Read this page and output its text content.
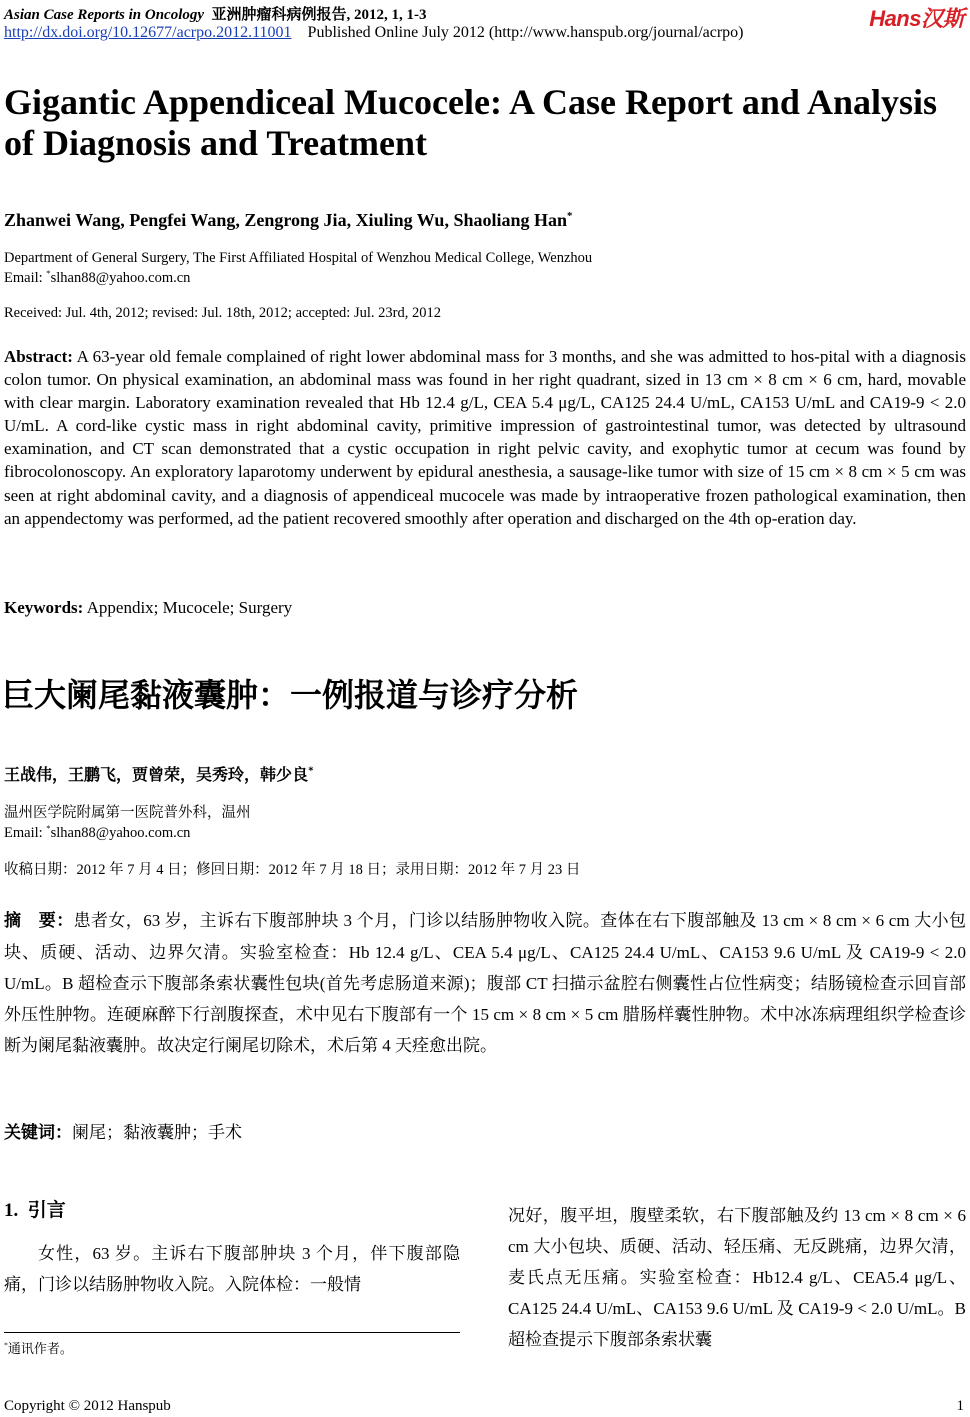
Asian Case Reports in Oncology 亚洲肿瘤科病例报告, 2012, 1, 1-3
http://dx.doi.org/10.12677/acrpo.2012.11001 Published Online July 2012 (http://www.hanspub.org/journal/acrpo)
Hans汉斯
Gigantic Appendiceal Mucocele: A Case Report and Analysis of Diagnosis and Treatment
Zhanwei Wang, Pengfei Wang, Zengrong Jia, Xiuling Wu, Shaoliang Han*
Department of General Surgery, The First Affiliated Hospital of Wenzhou Medical College, Wenzhou
Email: *slhan88@yahoo.com.cn
Received: Jul. 4th, 2012; revised: Jul. 18th, 2012; accepted: Jul. 23rd, 2012
Abstract: A 63-year old female complained of right lower abdominal mass for 3 months, and she was admitted to hos-pital with a diagnosis colon tumor. On physical examination, an abdominal mass was found in her right quadrant, sized in 13 cm × 8 cm × 6 cm, hard, movable with clear margin. Laboratory examination revealed that Hb 12.4 g/L, CEA 5.4 μg/L, CA125 24.4 U/mL, CA153 U/mL and CA19-9 < 2.0 U/mL. A cord-like cystic mass in right abdominal cavity, primitive impression of gastrointestinal tumor, was detected by ultrasound examination, and CT scan demonstrated that a cystic occupation in right pelvic cavity, and exophytic tumor at cecum was found by fibrocolonoscopy. An exploratory laparotomy underwent by epidural anesthesia, a sausage-like tumor with size of 15 cm × 8 cm × 5 cm was seen at right abdominal cavity, and a diagnosis of appendiceal mucocele was made by intraoperative frozen pathological examination, then an appendectomy was performed, ad the patient recovered smoothly after operation and discharged on the 4th op-eration day.
Keywords: Appendix; Mucocele; Surgery
巨大阑尾黏液囊肿：一例报道与诊疗分析
王战伟，王鹏飞，贾曾荣，吴秀玲，韩少良*
温州医学院附属第一医院普外科，温州
Email: *slhan88@yahoo.com.cn
收稿日期：2012 年 7 月 4 日；修回日期：2012 年 7 月 18 日；录用日期：2012 年 7 月 23 日
摘　要：患者女，63 岁，主诉右下腹部肿块 3 个月，门诊以结肠肿物收入院。查体在右下腹部触及 13 cm × 8 cm × 6 cm 大小包块、质硬、活动、边界欠清。实验室检查：Hb 12.4 g/L、CEA 5.4 μg/L、CA125 24.4 U/mL、CA153 9.6 U/mL 及 CA19-9 < 2.0 U/mL。B 超检查示下腹部条索状囊性包块(首先考虑肠道来源)；腹部 CT 扫描示盆腔右侧囊性占位性病变；结肠镜检查示回盲部外压性肿物。连硬麻醉下行剖腹探查，术中见右下腹部有一个 15 cm × 8 cm × 5 cm 腊肠样囊性肿物。术中冰冻病理组织学检查诊断为阑尾黏液囊肿。故决定行阑尾切除术，术后第 4 天痊愈出院。
关键词：阑尾；黏液囊肿；手术
1. 引言
女性，63 岁。主诉右下腹部肿块 3 个月，伴下腹部隐痛，门诊以结肠肿物收入院。入院体检：一般情
况好，腹平坦，腹壁柔软，右下腹部触及约 13 cm × 8 cm × 6 cm 大小包块、质硬、活动、轻压痛、无反跳痛，边界欠清，麦氏点无压痛。实验室检查：Hb12.4 g/L、CEA5.4 μg/L、CA125 24.4 U/mL、CA153 9.6 U/mL 及 CA19-9 < 2.0 U/mL。B 超检查提示下腹部条索状囊
*通讯作者。
Copyright © 2012 Hanspub	1
